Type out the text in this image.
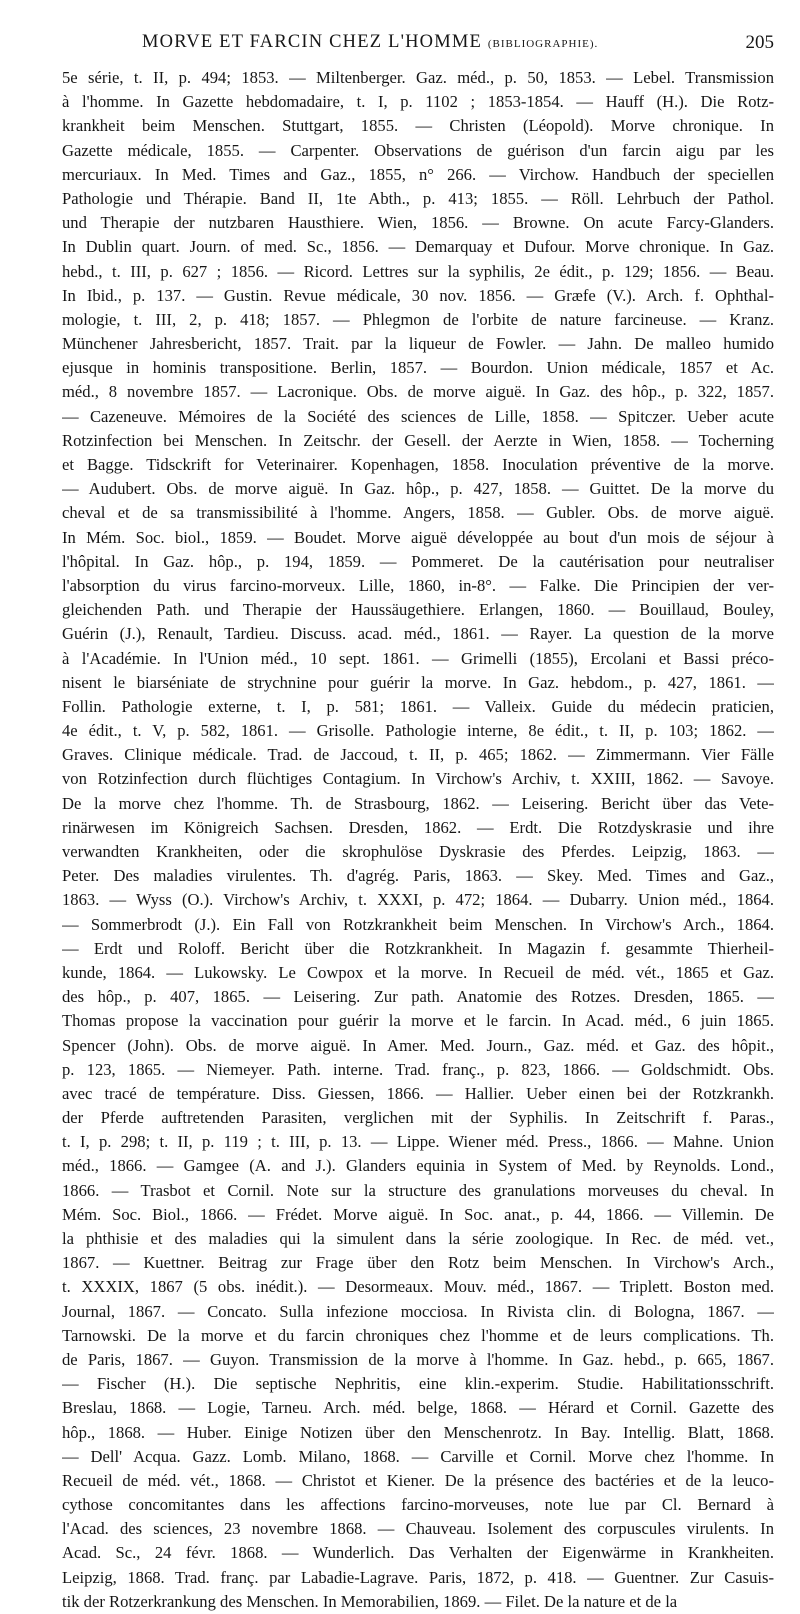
MORVE ET FARCIN CHEZ L'HOMME (BIBLIOGRAPHIE).	205
5e série, t. II, p. 494; 1853. — Miltenberger. Gaz. méd., p. 50, 1853. — Lebel. Transmission
à l'homme. In Gazette hebdomadaire, t. I, p. 1102 ; 1853-1854. — Hauff (H.). Die Rotz-
krankheit beim Menschen. Stuttgart, 1855. — Christen (Léopold). Morve chronique. In
Gazette médicale, 1855. — Carpenter. Observations de guérison d'un farcin aigu par les
mercuriaux. In Med. Times and Gaz., 1855, n° 266. — Virchow. Handbuch der speciellen
Pathologie und Thérapie. Band II, 1te Abth., p. 413; 1855. — Röll. Lehrbuch der Pathol.
und Therapie der nutzbaren Hausthiere. Wien, 1856. — Browne. On acute Farcy-Glanders.
In Dublin quart. Journ. of med. Sc., 1856. — Demarquay et Dufour. Morve chronique. In Gaz.
hebd., t. III, p. 627 ; 1856. — Ricord. Lettres sur la syphilis, 2e édit., p. 129; 1856. — Beau.
In Ibid., p. 137. — Gustin. Revue médicale, 30 nov. 1856. — Græfe (V.). Arch. f. Ophthal-
mologie, t. III, 2, p. 418; 1857. — Phlegmon de l'orbite de nature farcineuse. — Kranz.
Münchener Jahresbericht, 1857. Trait. par la liqueur de Fowler. — Jahn. De malleo humido
ejusque in hominis transpositione. Berlin, 1857. — Bourdon. Union médicale, 1857 et Ac.
méd., 8 novembre 1857. — Lacronique. Obs. de morve aiguë. In Gaz. des hôp., p. 322, 1857.
— Cazeneuve. Mémoires de la Société des sciences de Lille, 1858. — Spitczer. Ueber acute
Rotzinfection bei Menschen. In Zeitschr. der Gesell. der Aerzte in Wien, 1858. — Tocherning
et Bagge. Tidsckrift for Veterinairer. Kopenhagen, 1858. Inoculation préventive de la morve.
— Audubert. Obs. de morve aiguë. In Gaz. hôp., p. 427, 1858. — Guittet. De la morve du
cheval et de sa transmissibilité à l'homme. Angers, 1858. — Gubler. Obs. de morve aiguë.
In Mém. Soc. biol., 1859. — Boudet. Morve aiguë développée au bout d'un mois de séjour à
l'hôpital. In Gaz. hôp., p. 194, 1859. — Pommeret. De la cautérisation pour neutraliser
l'absorption du virus farcino-morveux. Lille, 1860, in-8°. — Falke. Die Principien der ver-
gleichenden Path. und Therapie der Haussäugethiere. Erlangen, 1860. — Bouillaud, Bouley,
Guérin (J.), Renault, Tardieu. Discuss. acad. méd., 1861. — Rayer. La question de la morve
à l'Académie. In l'Union méd., 10 sept. 1861. — Grimelli (1855), Ercolani et Bassi préco-
nisent le biarséniate de strychnine pour guérir la morve. In Gaz. hebdom., p. 427, 1861. —
Follin. Pathologie externe, t. I, p. 581; 1861. — Valleix. Guide du médecin praticien,
4e édit., t. V, p. 582, 1861. — Grisolle. Pathologie interne, 8e édit., t. II, p. 103; 1862. —
Graves. Clinique médicale. Trad. de Jaccoud, t. II, p. 465; 1862. — Zimmermann. Vier Fälle
von Rotzinfection durch flüchtiges Contagium. In Virchow's Archiv, t. XXIII, 1862. — Savoye.
De la morve chez l'homme. Th. de Strasbourg, 1862. — Leisering. Bericht über das Vete-
rinärwesen im Königreich Sachsen. Dresden, 1862. — Erdt. Die Rotzdyskrasie und ihre
verwandten Krankheiten, oder die skrophulöse Dyskrasie des Pferdes. Leipzig, 1863. —
Peter. Des maladies virulentes. Th. d'agrég. Paris, 1863. — Skey. Med. Times and Gaz.,
1863. — Wyss (O.). Virchow's Archiv, t. XXXI, p. 472; 1864. — Dubarry. Union méd., 1864.
— Sommerbrodt (J.). Ein Fall von Rotzkrankheit beim Menschen. In Virchow's Arch., 1864.
— Erdt und Roloff. Bericht über die Rotzkrankheit. In Magazin f. gesammte Thierheil-
kunde, 1864. — Lukowsky. Le Cowpox et la morve. In Recueil de méd. vét., 1865 et Gaz.
des hôp., p. 407, 1865. — Leisering. Zur path. Anatomie des Rotzes. Dresden, 1865. —
Thomas propose la vaccination pour guérir la morve et le farcin. In Acad. méd., 6 juin 1865.
Spencer (John). Obs. de morve aiguë. In Amer. Med. Journ., Gaz. méd. et Gaz. des hôpit.,
p. 123, 1865. — Niemeyer. Path. interne. Trad. franç., p. 823, 1866. — Goldschmidt. Obs.
avec tracé de température. Diss. Giessen, 1866. — Hallier. Ueber einen bei der Rotzkrankh.
der Pferde auftretenden Parasiten, verglichen mit der Syphilis. In Zeitschrift f. Paras.,
t. I, p. 298; t. II, p. 119 ; t. III, p. 13. — Lippe. Wiener méd. Press., 1866. — Mahne. Union
méd., 1866. — Gamgee (A. and J.). Glanders equinia in System of Med. by Reynolds. Lond.,
1866. — Trasbot et Cornil. Note sur la structure des granulations morveuses du cheval. In
Mém. Soc. Biol., 1866. — Frédet. Morve aiguë. In Soc. anat., p. 44, 1866. — Villemin. De
la phthisie et des maladies qui la simulent dans la série zoologique. In Rec. de méd. vet.,
1867. — Kuettner. Beitrag zur Frage über den Rotz beim Menschen. In Virchow's Arch.,
t. XXXIX, 1867 (5 obs. inédit.). — Desormeaux. Mouv. méd., 1867. — Triplett. Boston med.
Journal, 1867. — Concato. Sulla infezione mocciosa. In Rivista clin. di Bologna, 1867. —
Tarnowski. De la morve et du farcin chroniques chez l'homme et de leurs complications. Th.
de Paris, 1867. — Guyon. Transmission de la morve à l'homme. In Gaz. hebd., p. 665, 1867.
— Fischer (H.). Die septische Nephritis, eine klin.-experim. Studie. Habilitationsschrift.
Breslau, 1868. — Logie, Tarneu. Arch. méd. belge, 1868. — Hérard et Cornil. Gazette des
hôp., 1868. — Huber. Einige Notizen über den Menschenrotz. In Bay. Intellig. Blatt, 1868.
— Dell' Acqua. Gazz. Lomb. Milano, 1868. — Carville et Cornil. Morve chez l'homme. In
Recueil de méd. vét., 1868. — Christot et Kiener. De la présence des bactéries et de la leuco-
cythose concomitantes dans les affections farcino-morveuses, note lue par Cl. Bernard à
l'Acad. des sciences, 23 novembre 1868. — Chauveau. Isolement des corpuscules virulents. In
Acad. Sc., 24 févr. 1868. — Wunderlich. Das Verhalten der Eigenwärme in Krankheiten.
Leipzig, 1868. Trad. franç. par Labadie-Lagrave. Paris, 1872, p. 418. — Guentner. Zur Casuis-
tik der Rotzerkrankung des Menschen. In Memorabilien, 1869. — Filet. De la nature et de la
